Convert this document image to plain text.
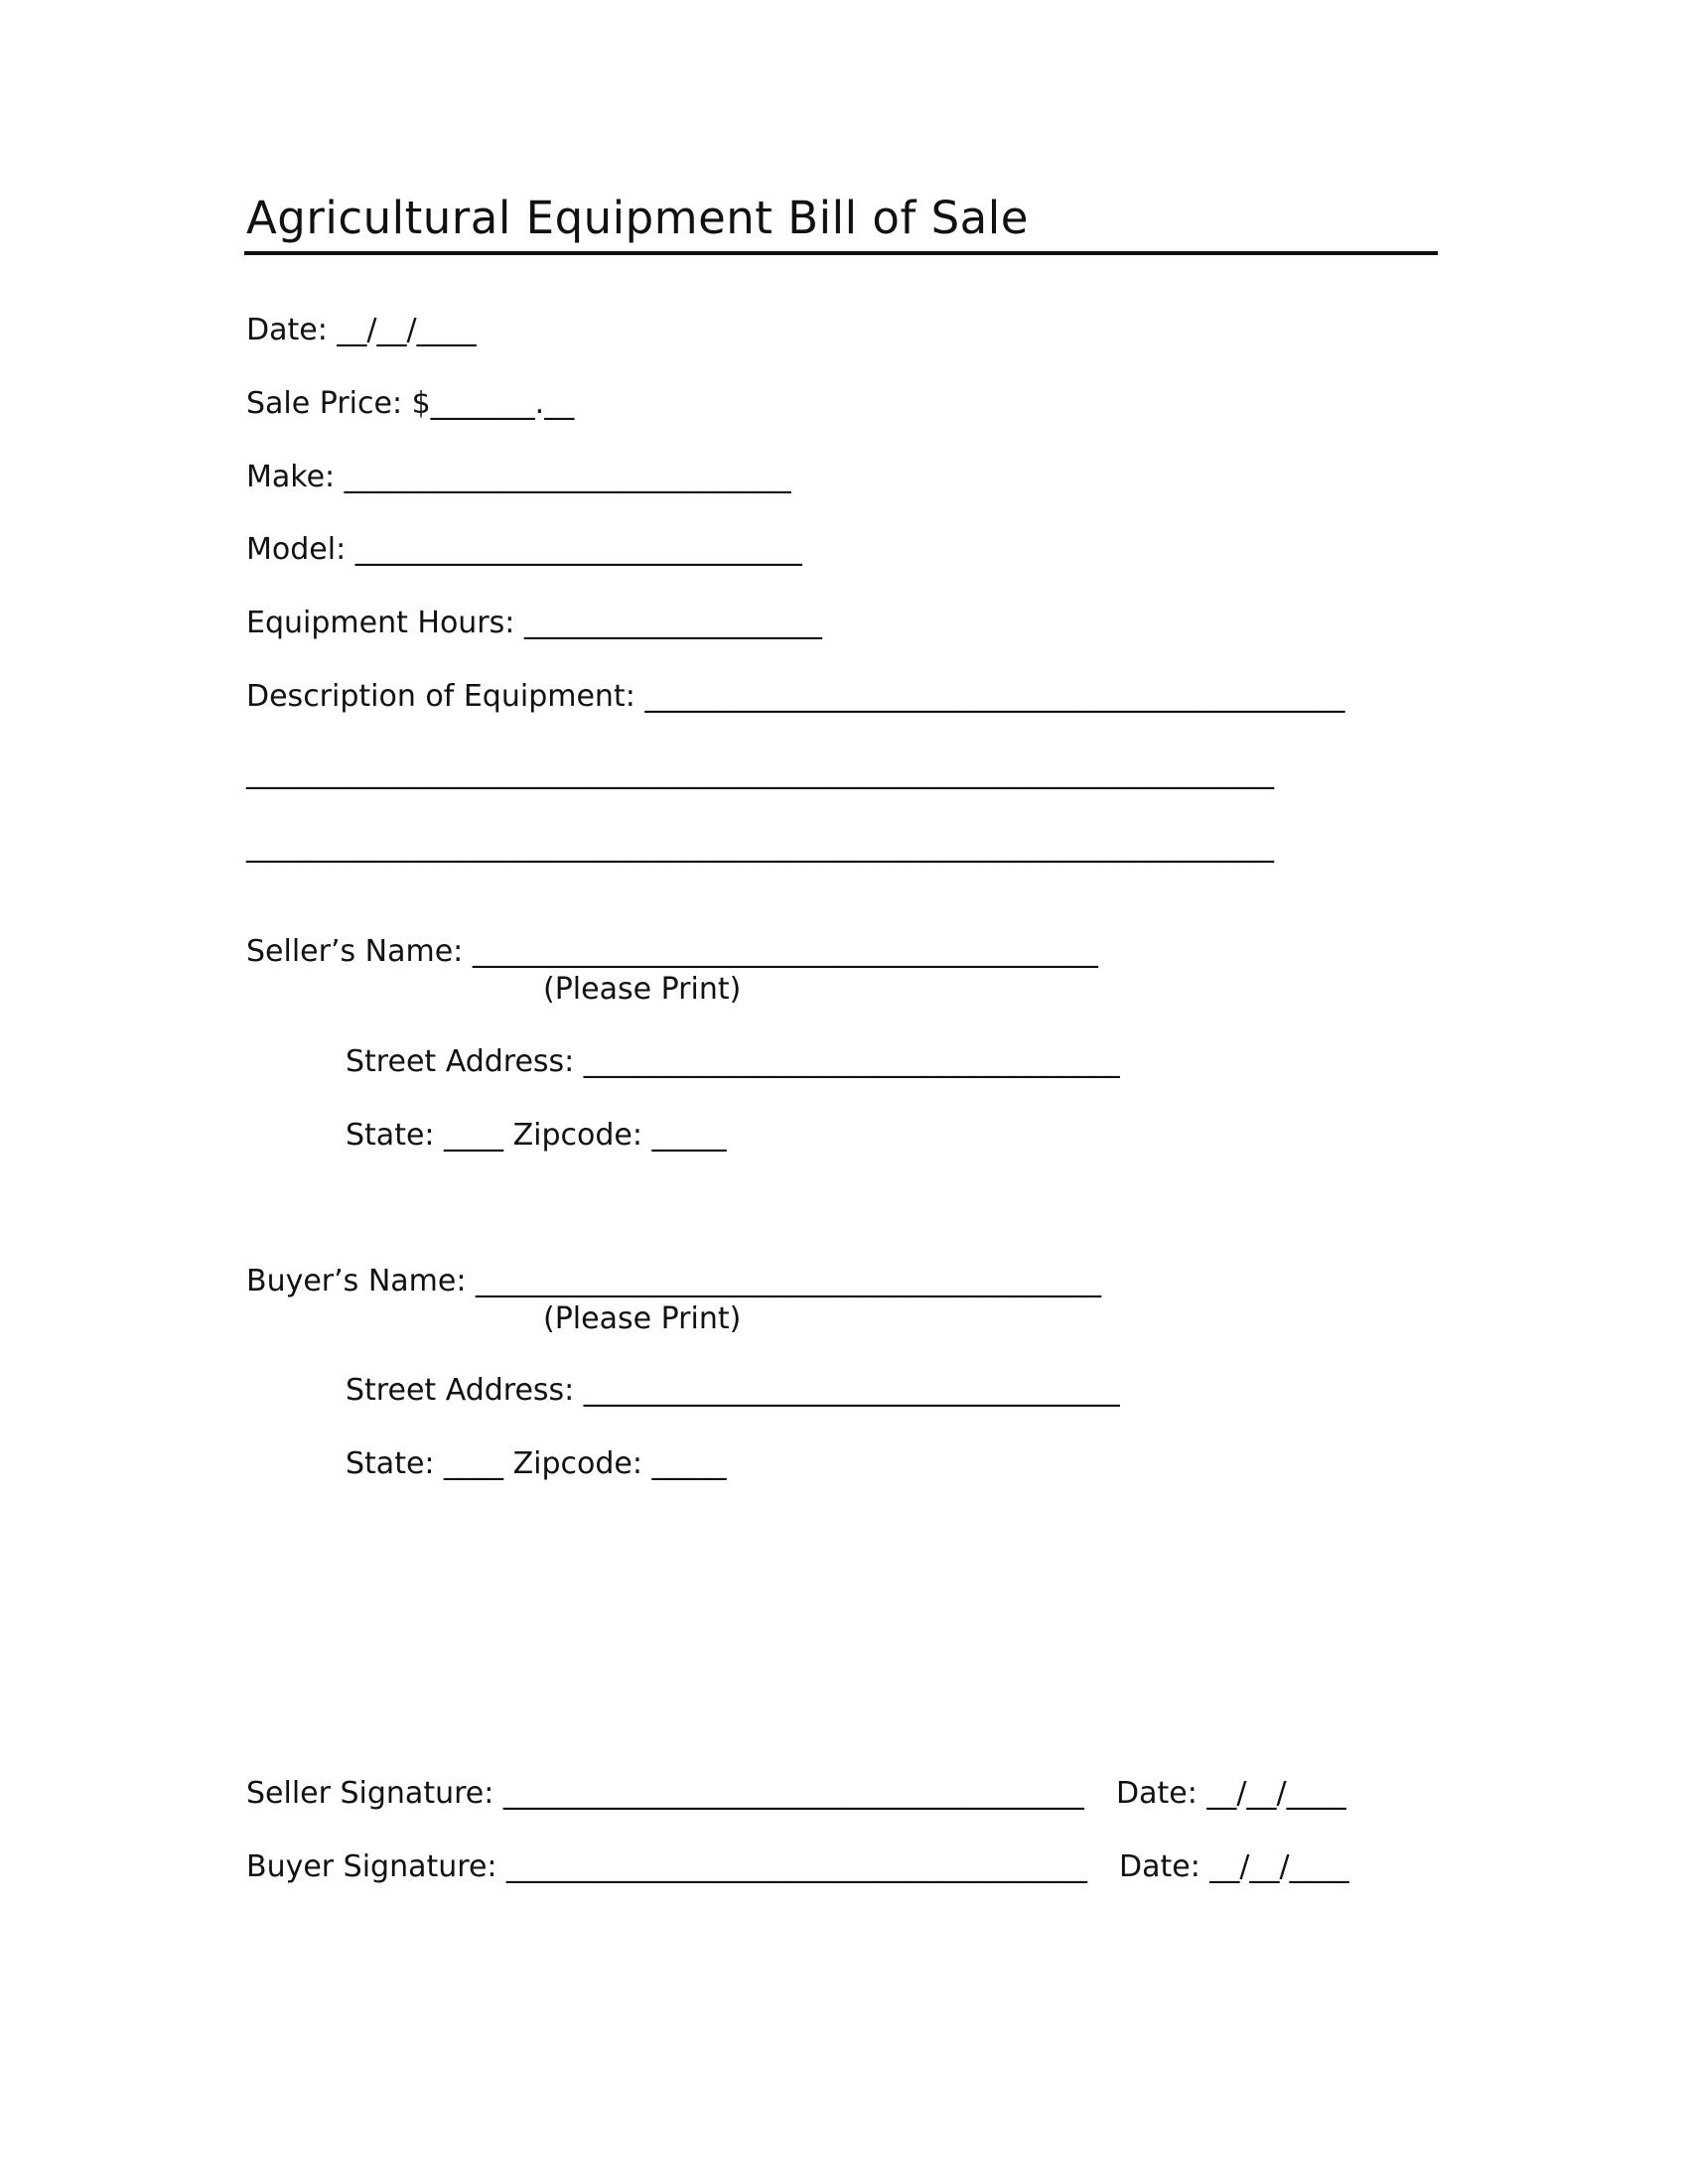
Agricultural Equipment Bill of Sale
Date: __/__/____
Sale Price: $_______.__
Make: ______________________________
Model: ______________________________
Equipment Hours: ____________________
Description of Equipment: _______________________________________________
_____________________________________________________________________
_____________________________________________________________________
Seller’s Name: __________________________________________
(Please Print)
Street Address: ____________________________________
State: ____ Zipcode: _____
Buyer’s Name: __________________________________________
(Please Print)
Street Address: ____________________________________
State: ____ Zipcode: _____
Seller Signature: _______________________________________ Date: __/__/____
Buyer Signature: _______________________________________ Date: __/__/____
